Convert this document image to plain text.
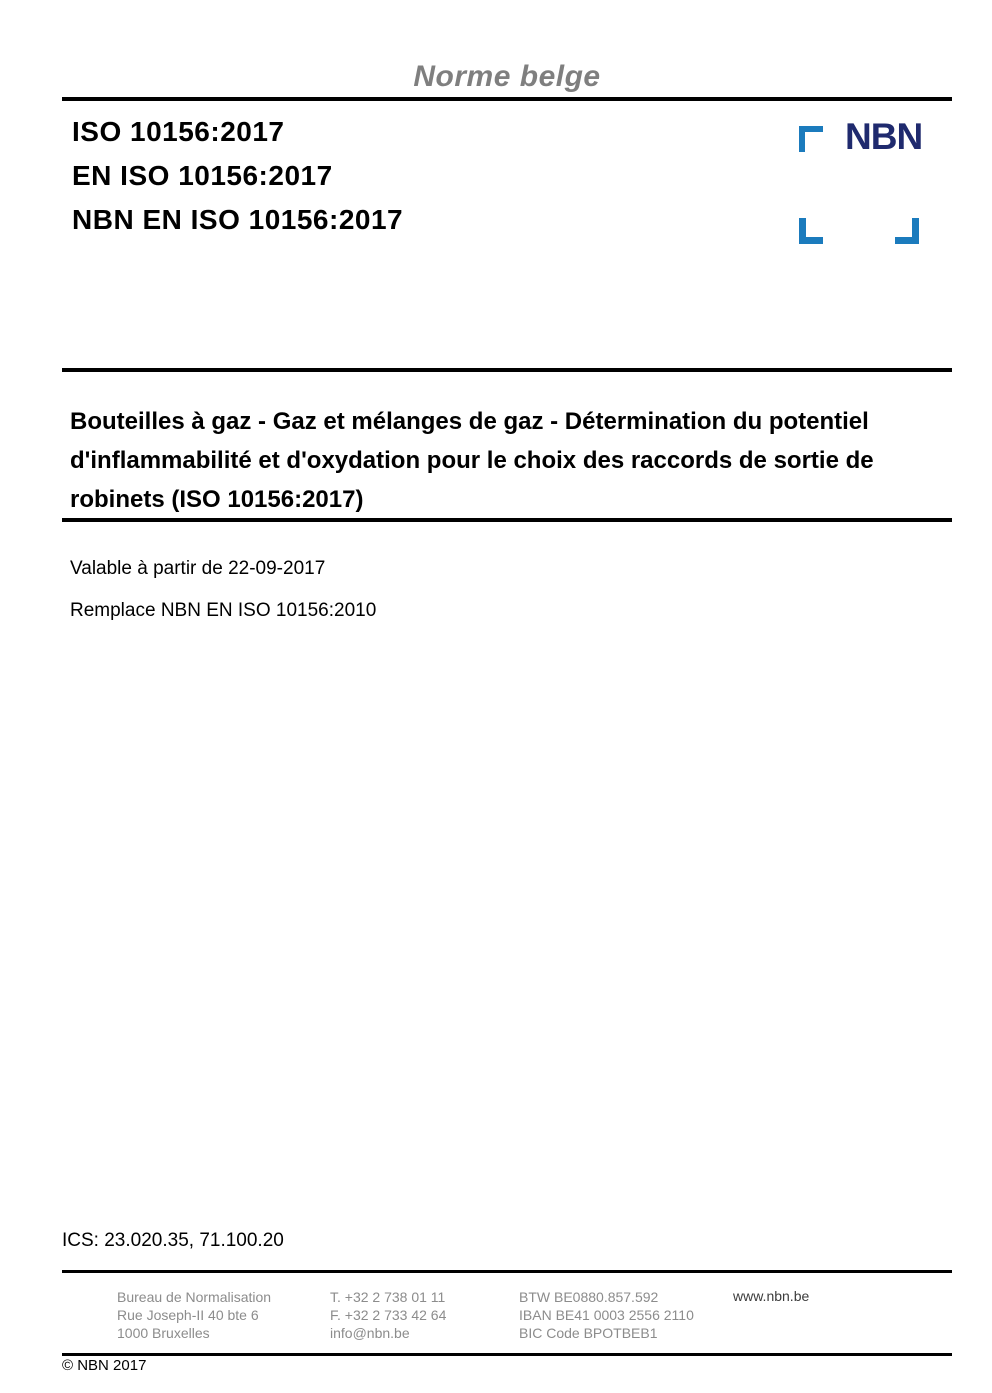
Norme belge
ISO 10156:2017
EN ISO 10156:2017
NBN EN ISO 10156:2017
NBN
Bouteilles à gaz - Gaz et mélanges de gaz - Détermination du potentiel d'inflammabilité et d'oxydation pour le choix des raccords de sortie de robinets (ISO 10156:2017)
Valable à partir de 22-09-2017
Remplace NBN EN ISO 10156:2010
ICS: 23.020.35, 71.100.20
Bureau de Normalisation
Rue Joseph-II 40 bte 6
1000 Bruxelles
T. +32 2 738 01 11
F. +32 2 733 42 64
info@nbn.be
BTW BE0880.857.592
IBAN BE41 0003 2556 2110
BIC Code BPOTBEB1
www.nbn.be
© NBN 2017
